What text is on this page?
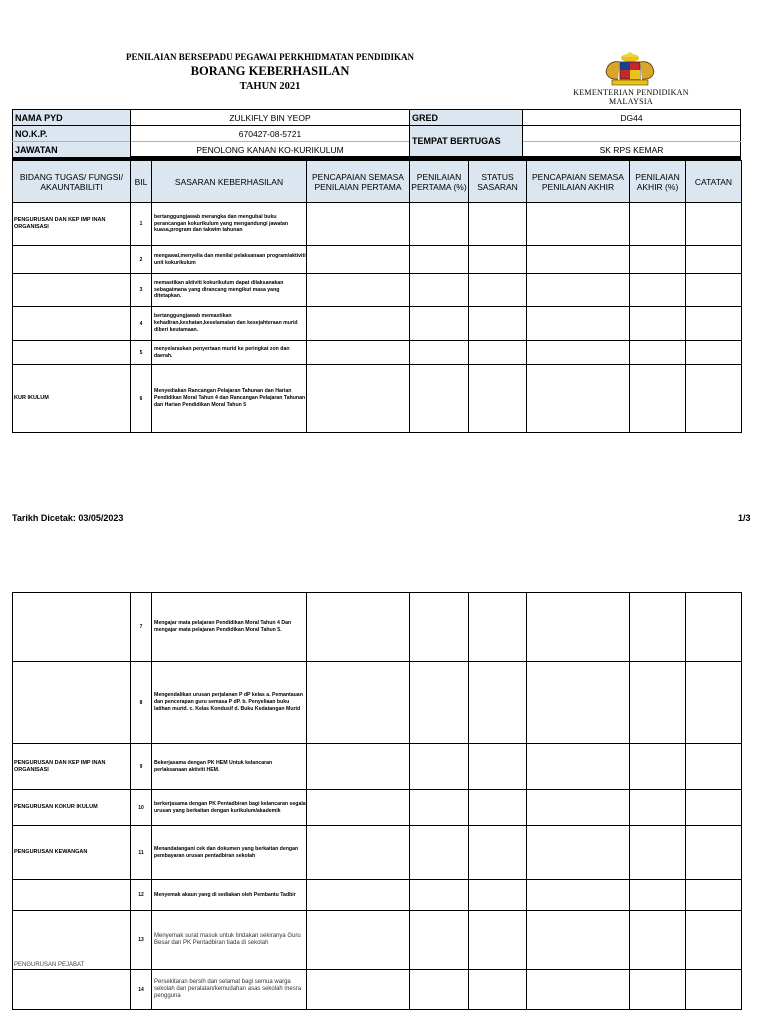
PENILAIAN BERSEPADU PEGAWAI PERKHIDMATAN PENDIDIKAN
BORANG KEBERHASILAN
TAHUN 2021
KEMENTERIAN PENDIDIKAN
MALAYSIA
NAMA PYD	ZULKIFLY BIN YEOP	GRED	DG44
NO.K.P.	670427-08-5721
TEMPAT BERTUGAS
SK RPS KEMAR
JAWATAN	PENOLONG KANAN KO-KURIKULUM
BIDANG TUGAS/ FUNGSI/ AKAUNTABILITI	BIL	SASARAN KEBERHASILAN	PENCAPAIAN SEMASA PENILAIAN PERTAMA	PENILAIAN PERTAMA (%)	STATUS SASARAN	PENCAPAIAN SEMASA PENILAIAN AKHIR	PENILAIAN AKHIR (%)	CATATAN
PENGURUSAN DAN KEP IMP INAN ORGANISASI	1	bertanggungjawab merangka dan mengubal buku perancangan kokurikulum yang mengandungi jawatan kuasa,program dan takwim tahunan						
	2	mengawal,menyelia dan menilai pelaksanaan program/aktiviti unit kokurikulum						
	3	memastikan aktiviti kokurikulum dapat dilaksanakan sebagaimana yang dirancang mengikut masa yang ditetapkan.						
	4	bertanggungjawab memastikan kehadiran,keshatan,keselamatan dan kesejahteraan murid diberi keutamaan.						
	5	menyelaraskan penyertaan murid ke peringkat zon dan daerah.						
KUR IKULUM	6	Menyediakan Rancangan Pelajaran Tahunan dan Harian Pendidikan Moral Tahun 4 dan Rancangan Pelajaran Tahunan dan Harian Pendidikan Moral Tahun 5						
Tarikh Dicetak: 03/05/2023	1/3
	7	Mengajar mata pelajaran Pendidikan Moral Tahun 4 Dan mengajar mata pelajaran Pendidikan Moral Tahun 5.						
	8	Mengendalikan urusan perjalanan P dP kelas a. Pemantauan dan pencerapan guru semasa P dP. b. Penyeliaan buku latihan murid. c. Kelas Kondusif d. Buku Kedatangan Murid						
PENGURUSAN DAN KEP IMP INAN ORGANISASI	9	Bekerjasama dengan PK HEM Untuk kelancaran perlaksanaan aktiviti HEM.						
PENGURUSAN KOKUR IKULUM	10	berkerjasama dengan PK Pentadbiran bagi kelancaran segala urusan yang berkaitan dengan kurikulum/akademik						
PENGURUSAN KEWANGAN	11	Menandatangani cek dan dokumen yang berkaitan dengan pembayaran urusan pentadbiran sekolah						
	12	Menyemak akaun yang di sediakan oleh Pembantu Tadbir						
PENGURUSAN PEJABAT	13	Menyemak surat masuk untuk tindakan sekiranya Guru Besar dan PK Pentadbiran tiada di sekolah						
	14	Persekitaran bersih dan selamat bagi semua warga sekolah dan peralatan/kemudahan asas sekolah mesra pengguna						
